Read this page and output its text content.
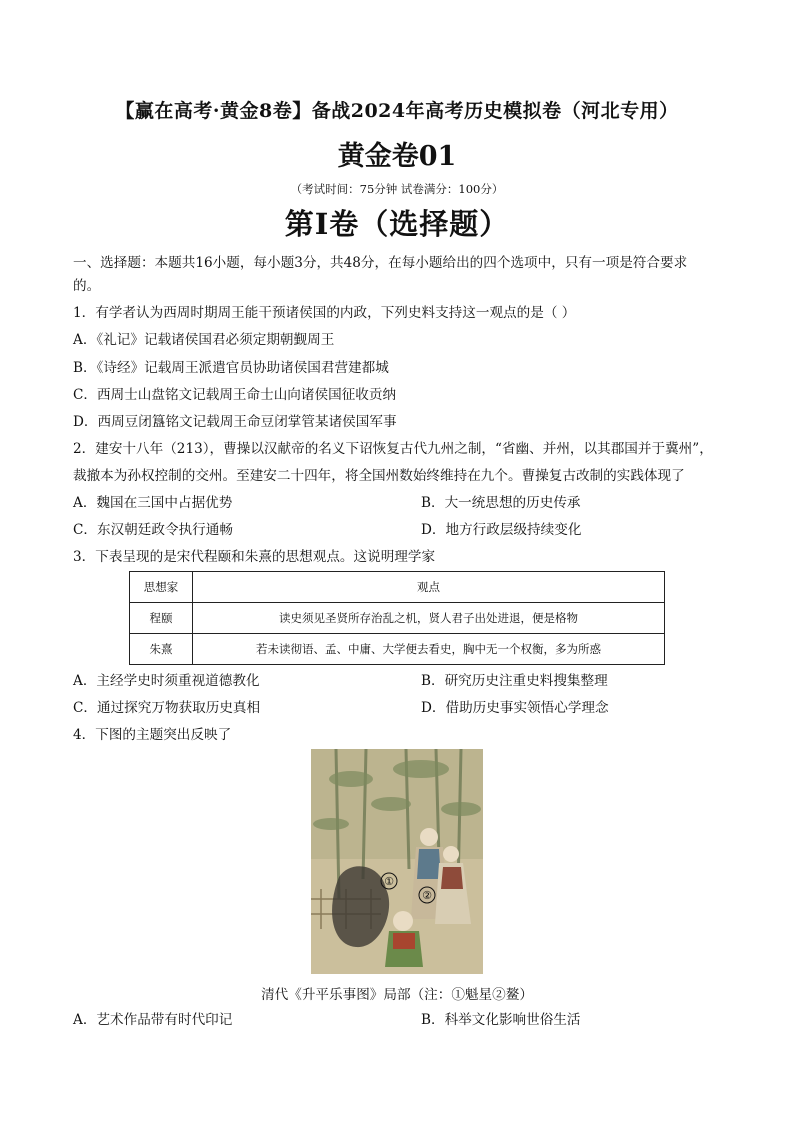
【赢在高考·黄金8卷】备战2024年高考历史模拟卷（河北专用）
黄金卷01
（考试时间：75分钟 试卷满分：100分）
第Ⅰ卷（选择题）
一、选择题：本题共16小题，每小题3分，共48分，在每小题给出的四个选项中，只有一项是符合要求
的。
1．有学者认为西周时期周王能干预诸侯国的内政，下列史料支持这一观点的是（ ）
A．《礼记》记载诸侯国君必须定期朝觐周王
B．《诗经》记载周王派遣官员协助诸侯国君营建都城
C．西周士山盘铭文记载周王命士山向诸侯国征收贡纳
D．西周豆闭簋铭文记载周王命豆闭掌管某诸侯国军事
2．建安十八年（213），曹操以汉献帝的名义下诏恢复古代九州之制，“省幽、并州，以其郡国并于冀州”，
裁撤本为孙权控制的交州。至建安二十四年，将全国州数始终维持在九个。曹操复古改制的实践体现了
A．魏国在三国中占据优势	B．大一统思想的历史传承
C．东汉朝廷政令执行通畅	D．地方行政层级持续变化
3．下表呈现的是宋代程颐和朱熹的思想观点。这说明理学家
思想家	观点
程颐	读史须见圣贤所存治乱之机，贤人君子出处进退，便是格物
朱熹	若未读彻语、孟、中庸、大学便去看史，胸中无一个权衡，多为所惑
A．主经学史时须重视道德教化	B．研究历史注重史料搜集整理
C．通过探究万物获取历史真相	D．借助历史事实领悟心学理念
4．下图的主题突出反映了
①
②
清代《升平乐事图》局部（注：①魁星②鳌）
A．艺术作品带有时代印记	B．科举文化影响世俗生活
